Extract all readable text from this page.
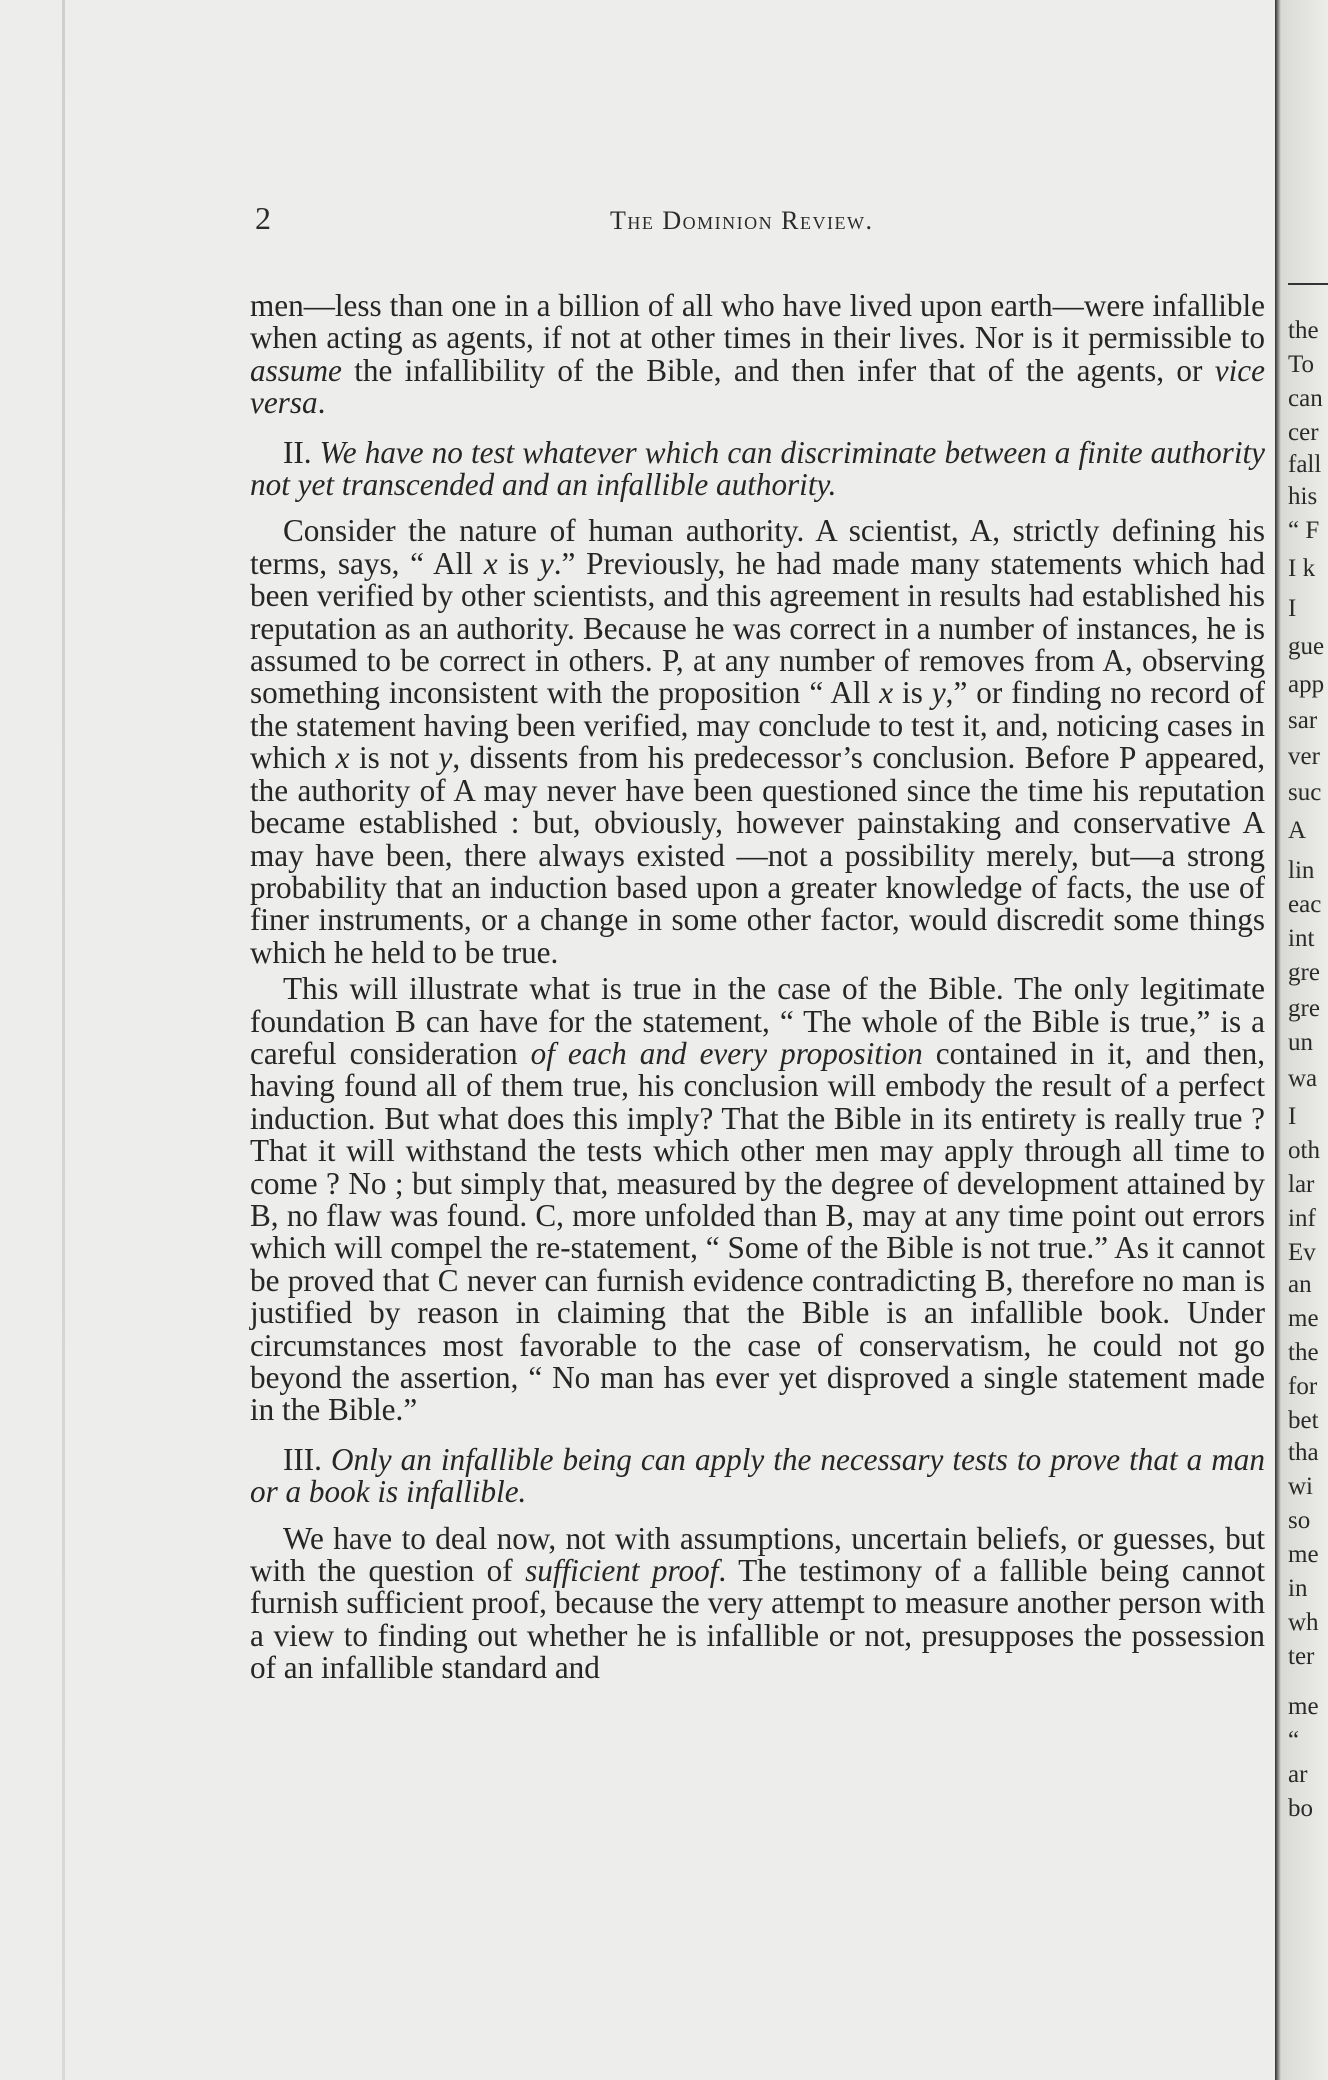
2	The Dominion Review.

men—less than one in a billion of all who have lived upon earth—were infallible when acting as agents, if not at other times in their lives. Nor is it permissible to assume the infallibility of the Bible, and then infer that of the agents, or vice versa.

II. We have no test whatever which can discriminate between a finite authority not yet transcended and an infallible authority.

Consider the nature of human authority. A scientist, A, strictly defining his terms, says, “ All x is y.” Previously, he had made many statements which had been verified by other scientists, and this agreement in results had established his reputation as an authority. Because he was correct in a number of instances, he is assumed to be correct in others. P, at any number of removes from A, observing something inconsistent with the proposition “ All x is y,” or finding no record of the statement having been verified, may conclude to test it, and, noticing cases in which x is not y, dissents from his predecessor’s conclusion. Before P appeared, the authority of A may never have been questioned since the time his reputation became established : but, obviously, however painstaking and conservative A may have been, there always existed —not a possibility merely, but—a strong probability that an induction based upon a greater knowledge of facts, the use of finer instruments, or a change in some other factor, would discredit some things which he held to be true.

This will illustrate what is true in the case of the Bible. The only legitimate foundation B can have for the statement, “ The whole of the Bible is true,” is a careful consideration of each and every proposition contained in it, and then, having found all of them true, his conclusion will embody the result of a perfect induction. But what does this imply? That the Bible in its entirety is really true ? That it will withstand the tests which other men may apply through all time to come ? No ; but simply that, measured by the degree of development attained by B, no flaw was found. C, more unfolded than B, may at any time point out errors which will compel the re-statement, “ Some of the Bible is not true.” As it cannot be proved that C never can furnish evidence contradicting B, therefore no man is justified by reason in claiming that the Bible is an infallible book. Under circumstances most favorable to the case of conservatism, he could not go beyond the assertion, “ No man has ever yet disproved a single statement made in the Bible.”

III. Only an infallible being can apply the necessary tests to prove that a man or a book is infallible.

We have to deal now, not with assumptions, uncertain beliefs, or guesses, but with the question of sufficient proof. The testimony of a fallible being cannot furnish sufficient proof, because the very attempt to measure another person with a view to finding out whether he is infallible or not, presupposes the possession of an infallible standard and

the
To
can
cer
fall
his
“ F
I k
I
gue
app
sar
ver
suc
A
lin
eac
int
gre
gre
un
wa
I
oth
lar
inf
Ev
an
me
the
for
bet
tha
wi
so
me
in
wh
ter
me
“
ar
bo
